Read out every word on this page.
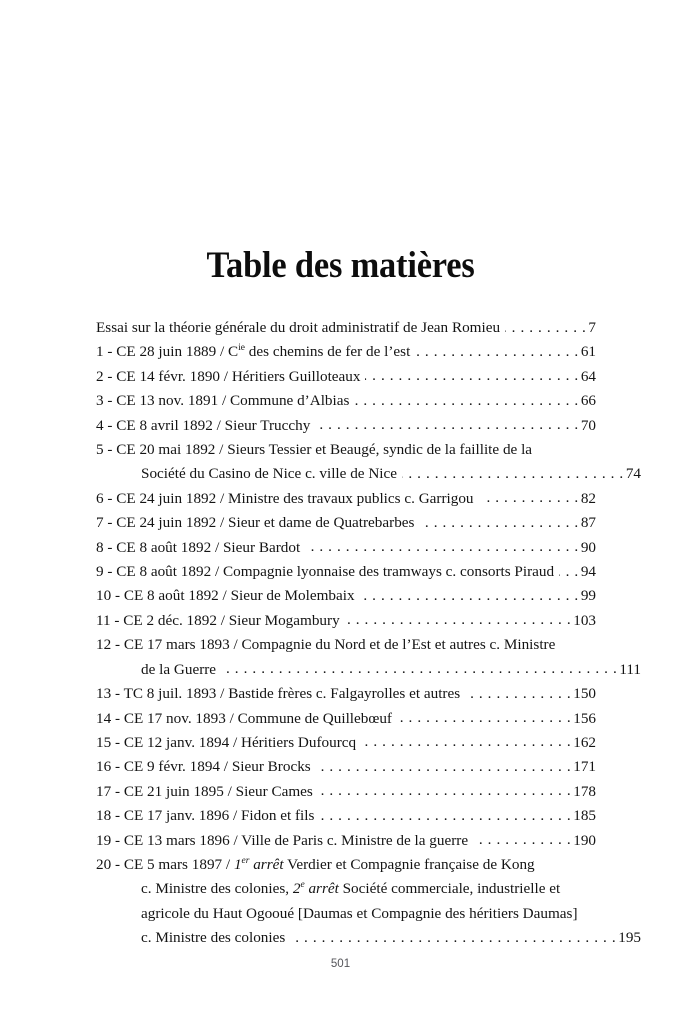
Table des matières
Essai sur la théorie générale du droit administratif de Jean Romieu . . .	7
1 - CE 28 juin $1889 / C^{ie}$ des chemins de fer de l’est . . .	61
2 - CE 14 févr. 1890 / Héritiers Guilloteaux . . .	64
3 - CE 13 nov. 1891 / Commune d’Albias . . .	66
4 - CE 8 avril 1892 / Sieur Trucchy . . .	70
5 - CE 20 mai 1892 / Sieurs Tessier et Beaugé, syndic de la faillite de la
Société du Casino de Nice c. ville de Nice . . .	74
6 - CE 24 juin 1892 / Ministre des travaux publics c. Garrigou . . .	82
7 - CE 24 juin 1892 / Sieur et dame de Quatrebarbes . . .	87
8 - CE 8 août 1892 / Sieur Bardot . . .	90
9 - CE 8 août 1892 / Compagnie lyonnaise des tramways c. consorts Piraud . . . 94
10 - CE 8 août 1892 / Sieur de Molembaix . . .	99
11 - CE 2 déc. 1892 / Sieur Mogambury . . .	103
12 - CE 17 mars 1893 / Compagnie du Nord et de l’Est et autres c. Ministre
de la Guerre . . .	111
13 - TC 8 juil. 1893 / Bastide frères c. Falgayrolles et autres . . .	150
14 - CE 17 nov. 1893 / Commune de Quillebœuf . . .	156
15 - CE 12 janv. 1894 / Héritiers Dufourcq . . .	162
16 - CE 9 févr. 1894 / Sieur Brocks . . .	171
17 - CE 21 juin 1895 / Sieur Cames . . .	178
18 - CE 17 janv. 1896 / Fidon et fils . . .	185
19 - CE 13 mars 1896 / Ville de Paris c. Ministre de la guerre . . .	190
20 - CE 5 mars 1897 / 1er arrêt Verdier et Compagnie française de Kong
c. Ministre des colonies, 2e arrêt Société commerciale, industrielle et
agricole du Haut Ogooué [Daumas et Compagnie des héritiers Daumas]
c. Ministre des colonies . . .	195
501
